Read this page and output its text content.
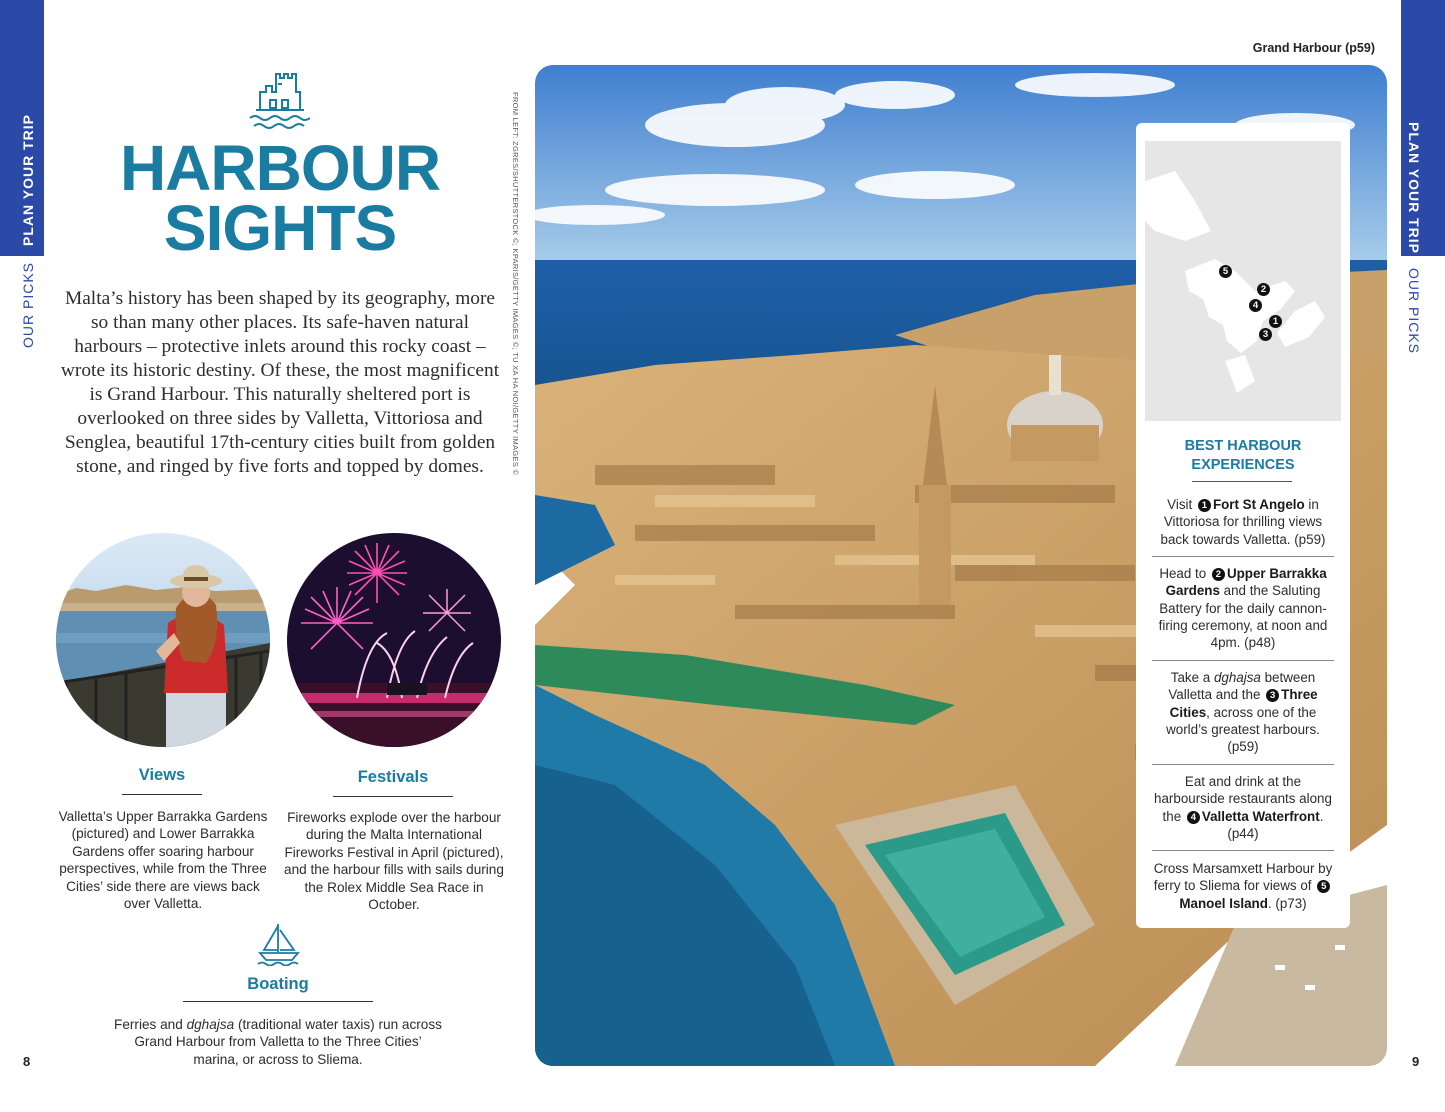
PLAN YOUR TRIP
OUR PICKS
PLAN YOUR TRIP
OUR PICKS
8	9
HARBOUR
SIGHTS
Malta’s history has been shaped by its geography, more so than many other places. Its safe-haven natural harbours – protective inlets around this rocky coast – wrote its historic destiny. Of these, the most magnificent is Grand Harbour. This naturally sheltered port is overlooked on three sides by Valletta, Vittoriosa and Senglea, beautiful 17th-century cities built from golden stone, and ringed by five forts and topped by domes.
Views
Valletta’s Upper Barrakka Gardens (pictured) and Lower Barrakka Gardens offer soaring harbour perspectives, while from the Three Cities’ side there are views back over Valletta.
Festivals
Fireworks explode over the harbour during the Malta International Fireworks Festival in April (pictured), and the harbour fills with sails during the Rolex Middle Sea Race in October.
Boating
Ferries and dghajsa (traditional water taxis) run across Grand Harbour from Valletta to the Three Cities’ marina, or across to Sliema.
FROM LEFT: ZGRES/SHUTTERSTOCK ©; KPARIS/GETTY IMAGES ©; TU XA HA NOI/GETTY IMAGES ©
Grand Harbour (p59)
5
2
4
1
3
BEST HARBOUR
EXPERIENCES
Visit 1 Fort St Angelo in Vittoriosa for thrilling views back towards Valletta. (p59)
Head to 2 Upper Barrakka Gardens and the Saluting Battery for the daily cannon-firing ceremony, at noon and 4pm. (p48)
Take a dghajsa between Valletta and the 3 Three Cities, across one of the world’s greatest harbours. (p59)
Eat and drink at the harbourside restaurants along the 4 Valletta Waterfront. (p44)
Cross Marsamxett Harbour by ferry to Sliema for views of 5Manoel Island. (p73)
